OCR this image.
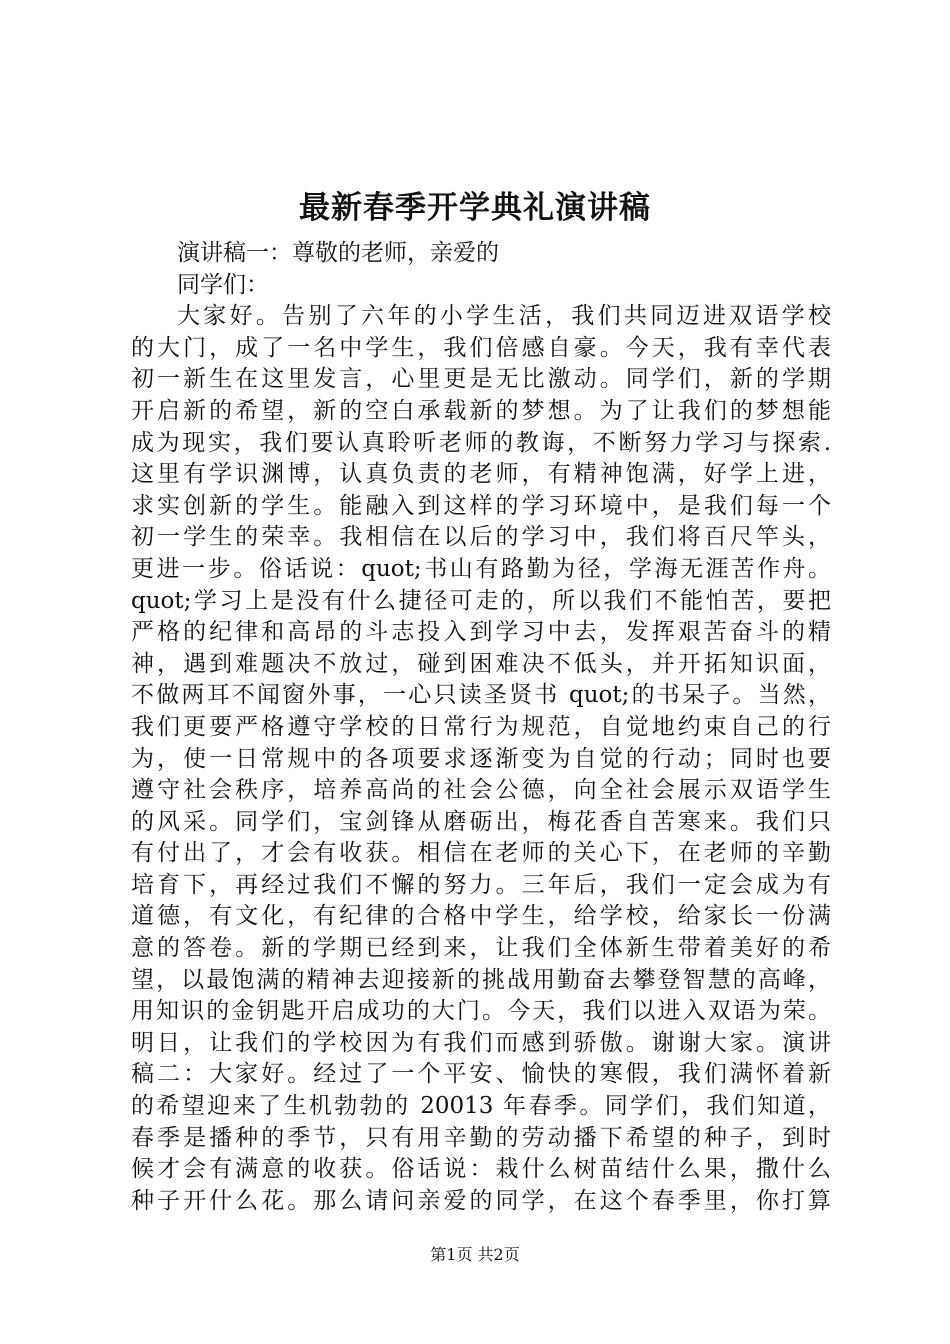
最新春季开学典礼演讲稿
演讲稿一：尊敬的老师，亲爱的
同学们：
大家好。告别了六年的小学生活，我们共同迈进双语学校
的大门，成了一名中学生，我们倍感自豪。今天，我有幸代表
初一新生在这里发言，心里更是无比激动。同学们，新的学期
开启新的希望，新的空白承载新的梦想。为了让我们的梦想能
成为现实，我们要认真聆听老师的教诲，不断努力学习与探索.
这里有学识渊博，认真负责的老师，有精神饱满，好学上进，
求实创新的学生。能融入到这样的学习环境中，是我们每一个
初一学生的荣幸。我相信在以后的学习中，我们将百尺竿头，
更进一步。俗话说：quot;书山有路勤为径，学海无涯苦作舟。
quot;学习上是没有什么捷径可走的，所以我们不能怕苦，要把
严格的纪律和高昂的斗志投入到学习中去，发挥艰苦奋斗的精
神，遇到难题决不放过，碰到困难决不低头，并开拓知识面，
不做两耳不闻窗外事，一心只读圣贤书 quot;的书呆子。当然，
我们更要严格遵守学校的日常行为规范，自觉地约束自己的行
为，使一日常规中的各项要求逐渐变为自觉的行动；同时也要
遵守社会秩序，培养高尚的社会公德，向全社会展示双语学生
的风采。同学们，宝剑锋从磨砺出，梅花香自苦寒来。我们只
有付出了，才会有收获。相信在老师的关心下，在老师的辛勤
培育下，再经过我们不懈的努力。三年后，我们一定会成为有
道德，有文化，有纪律的合格中学生，给学校，给家长一份满
意的答卷。新的学期已经到来，让我们全体新生带着美好的希
望，以最饱满的精神去迎接新的挑战用勤奋去攀登智慧的高峰，
用知识的金钥匙开启成功的大门。今天，我们以进入双语为荣。
明日，让我们的学校因为有我们而感到骄傲。谢谢大家。演讲
稿二：大家好。经过了一个平安、愉快的寒假，我们满怀着新
的希望迎来了生机勃勃的 20013 年春季。同学们，我们知道，
春季是播种的季节，只有用辛勤的劳动播下希望的种子，到时
候才会有满意的收获。俗话说：栽什么树苗结什么果，撒什么
种子开什么花。那么请问亲爱的同学，在这个春季里，你打算
第1页 共2页
